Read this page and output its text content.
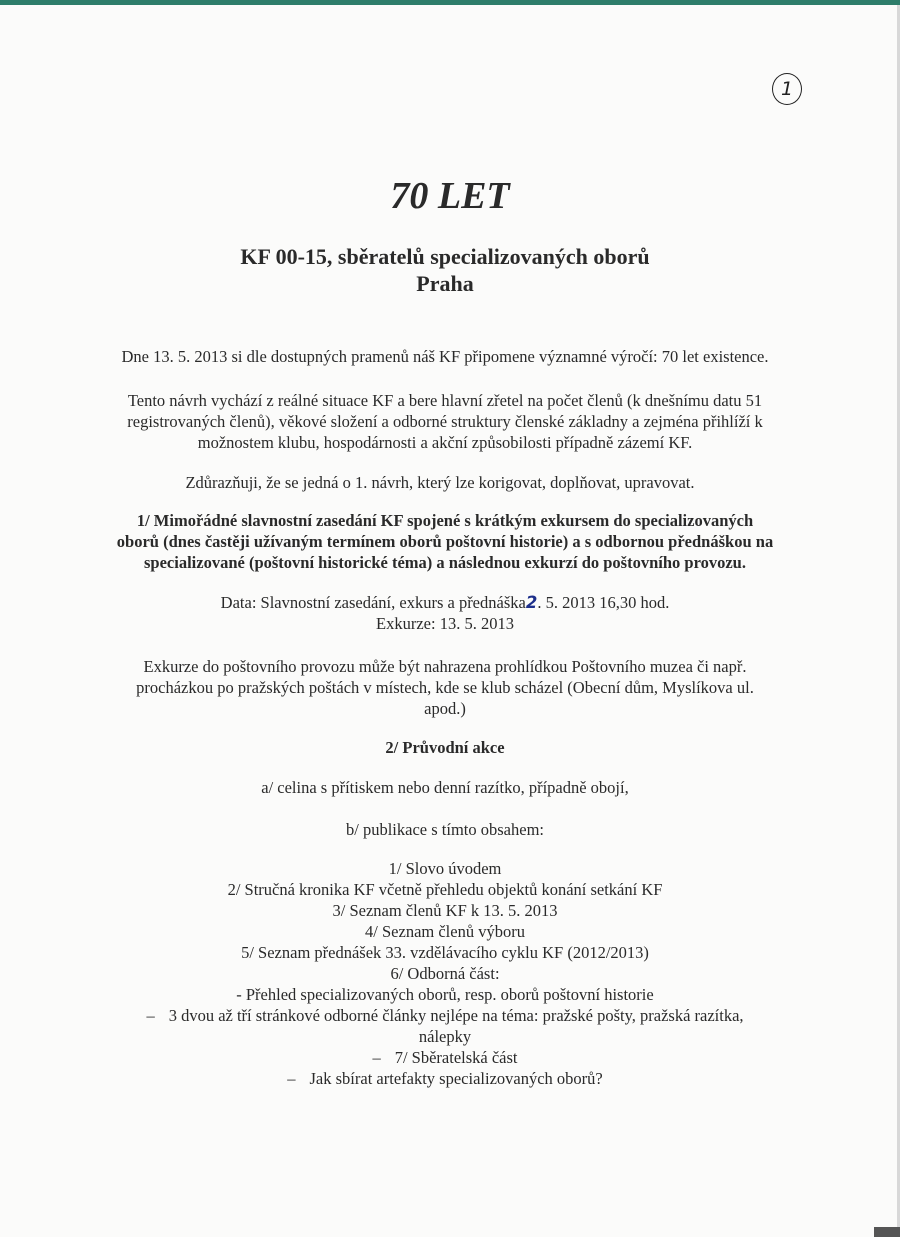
1
70 LET
KF 00-15, sběratelů specializovaných oborů
Praha
Dne 13. 5. 2013 si dle dostupných pramenů náš KF připomene významné výročí: 70 let existence.
Tento návrh vychází z reálné situace KF a bere hlavní zřetel na počet členů (k dnešnímu datu 51
registrovaných členů), věkové složení a odborné struktury členské základny a zejména přihlíží k
možnostem klubu, hospodárnosti a akční způsobilosti případně zázemí KF.
Zdůrazňuji, že se jedná o 1. návrh, který lze korigovat, doplňovat, upravovat.
1/ Mimořádné slavnostní zasedání KF spojené s krátkým exkursem do specializovaných
oborů (dnes častěji užívaným termínem oborů poštovní historie) a s odbornou přednáškou na
specializované (poštovní historické téma) a následnou exkurzí do poštovního provozu.
Data: Slavnostní zasedání, exkurs a přednáška2. 5. 2013 16,30 hod.
Exkurze: 13. 5. 2013
Exkurze do poštovního provozu může být nahrazena prohlídkou Poštovního muzea či např.
procházkou po pražských poštách v místech, kde se klub scházel (Obecní dům, Myslíkova ul.
apod.)
2/ Průvodní akce
a/ celina s přítiskem nebo denní razítko, případně obojí,
b/ publikace s tímto obsahem:
1/ Slovo úvodem
2/ Stručná kronika KF včetně přehledu objektů konání setkání KF
3/ Seznam členů KF k 13. 5. 2013
4/ Seznam členů výboru
5/ Seznam přednášek 33. vzdělávacího cyklu KF (2012/2013)
6/ Odborná část:
- Přehled specializovaných oborů, resp. oborů poštovní historie
– 3 dvou až tří stránkové odborné články nejlépe na téma: pražské pošty, pražská razítka,
nálepky
– 7/ Sběratelská část
– Jak sbírat artefakty specializovaných oborů?
